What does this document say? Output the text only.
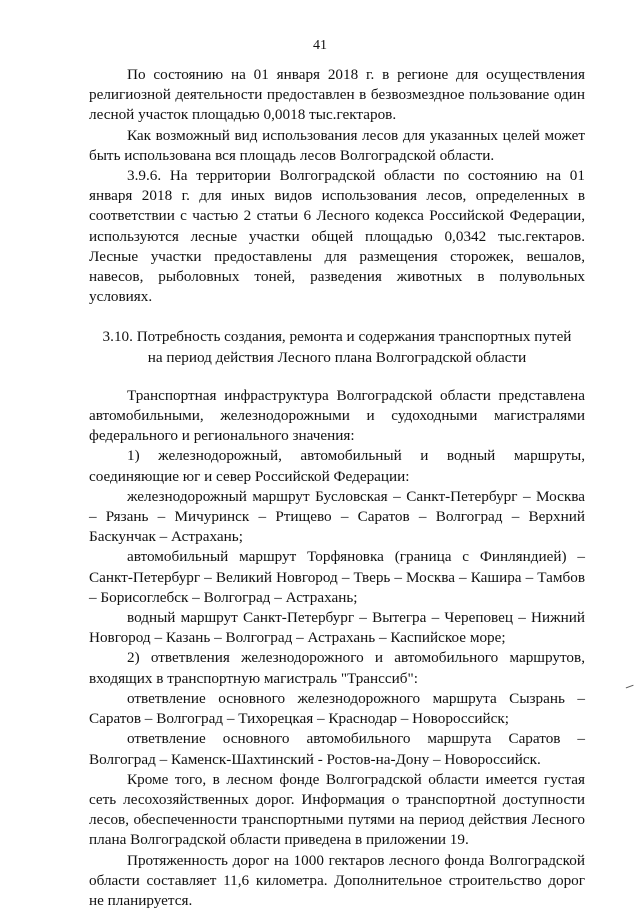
41

По состоянию на 01 января 2018 г. в регионе для осуществления религиозной деятельности предоставлен в безвозмездное пользование один лесной участок площадью 0,0018 тыс.гектаров.

Как возможный вид использования лесов для указанных целей может быть использована вся площадь лесов Волгоградской области.

3.9.6. На территории Волгоградской области по состоянию на 01 января 2018 г. для иных видов использования лесов, определенных в соответствии с частью 2 статьи 6 Лесного кодекса Российской Федерации, используются лесные участки общей площадью 0,0342 тыс.гектаров. Лесные участки предоставлены для размещения сторожек, вешалов, навесов, рыболовных тоней, разведения животных в полувольных условиях.

3.10. Потребность создания, ремонта и содержания транспортных путей
на период действия Лесного плана Волгоградской области

Транспортная инфраструктура Волгоградской области представлена автомобильными, железнодорожными и судоходными магистралями федерального и регионального значения:

1) железнодорожный, автомобильный и водный маршруты, соединяющие юг и север Российской Федерации:

железнодорожный маршрут Бусловская – Санкт-Петербург – Москва – Рязань – Мичуринск – Ртищево – Саратов – Волгоград – Верхний Баскунчак – Астрахань;

автомобильный маршрут Торфяновка (граница с Финляндией) – Санкт-Петербург – Великий Новгород – Тверь – Москва – Кашира – Тамбов – Борисоглебск – Волгоград – Астрахань;

водный маршрут Санкт-Петербург – Вытегра – Череповец – Нижний Новгород – Казань – Волгоград – Астрахань – Каспийское море;

2) ответвления железнодорожного и автомобильного маршрутов, входящих в транспортную магистраль "Транссиб":

ответвление основного железнодорожного маршрута Сызрань – Саратов – Волгоград – Тихорецкая – Краснодар – Новороссийск;

ответвление основного автомобильного маршрута Саратов – Волгоград – Каменск-Шахтинский - Ростов-на-Дону – Новороссийск.

Кроме того, в лесном фонде Волгоградской области имеется густая сеть лесохозяйственных дорог. Информация о транспортной доступности лесов, обеспеченности транспортными путями на период действия Лесного плана Волгоградской области приведена в приложении 19.

Протяженность дорог на 1000 гектаров лесного фонда Волгоградской области составляет 11,6 километра. Дополнительное строительство дорог не планируется.
